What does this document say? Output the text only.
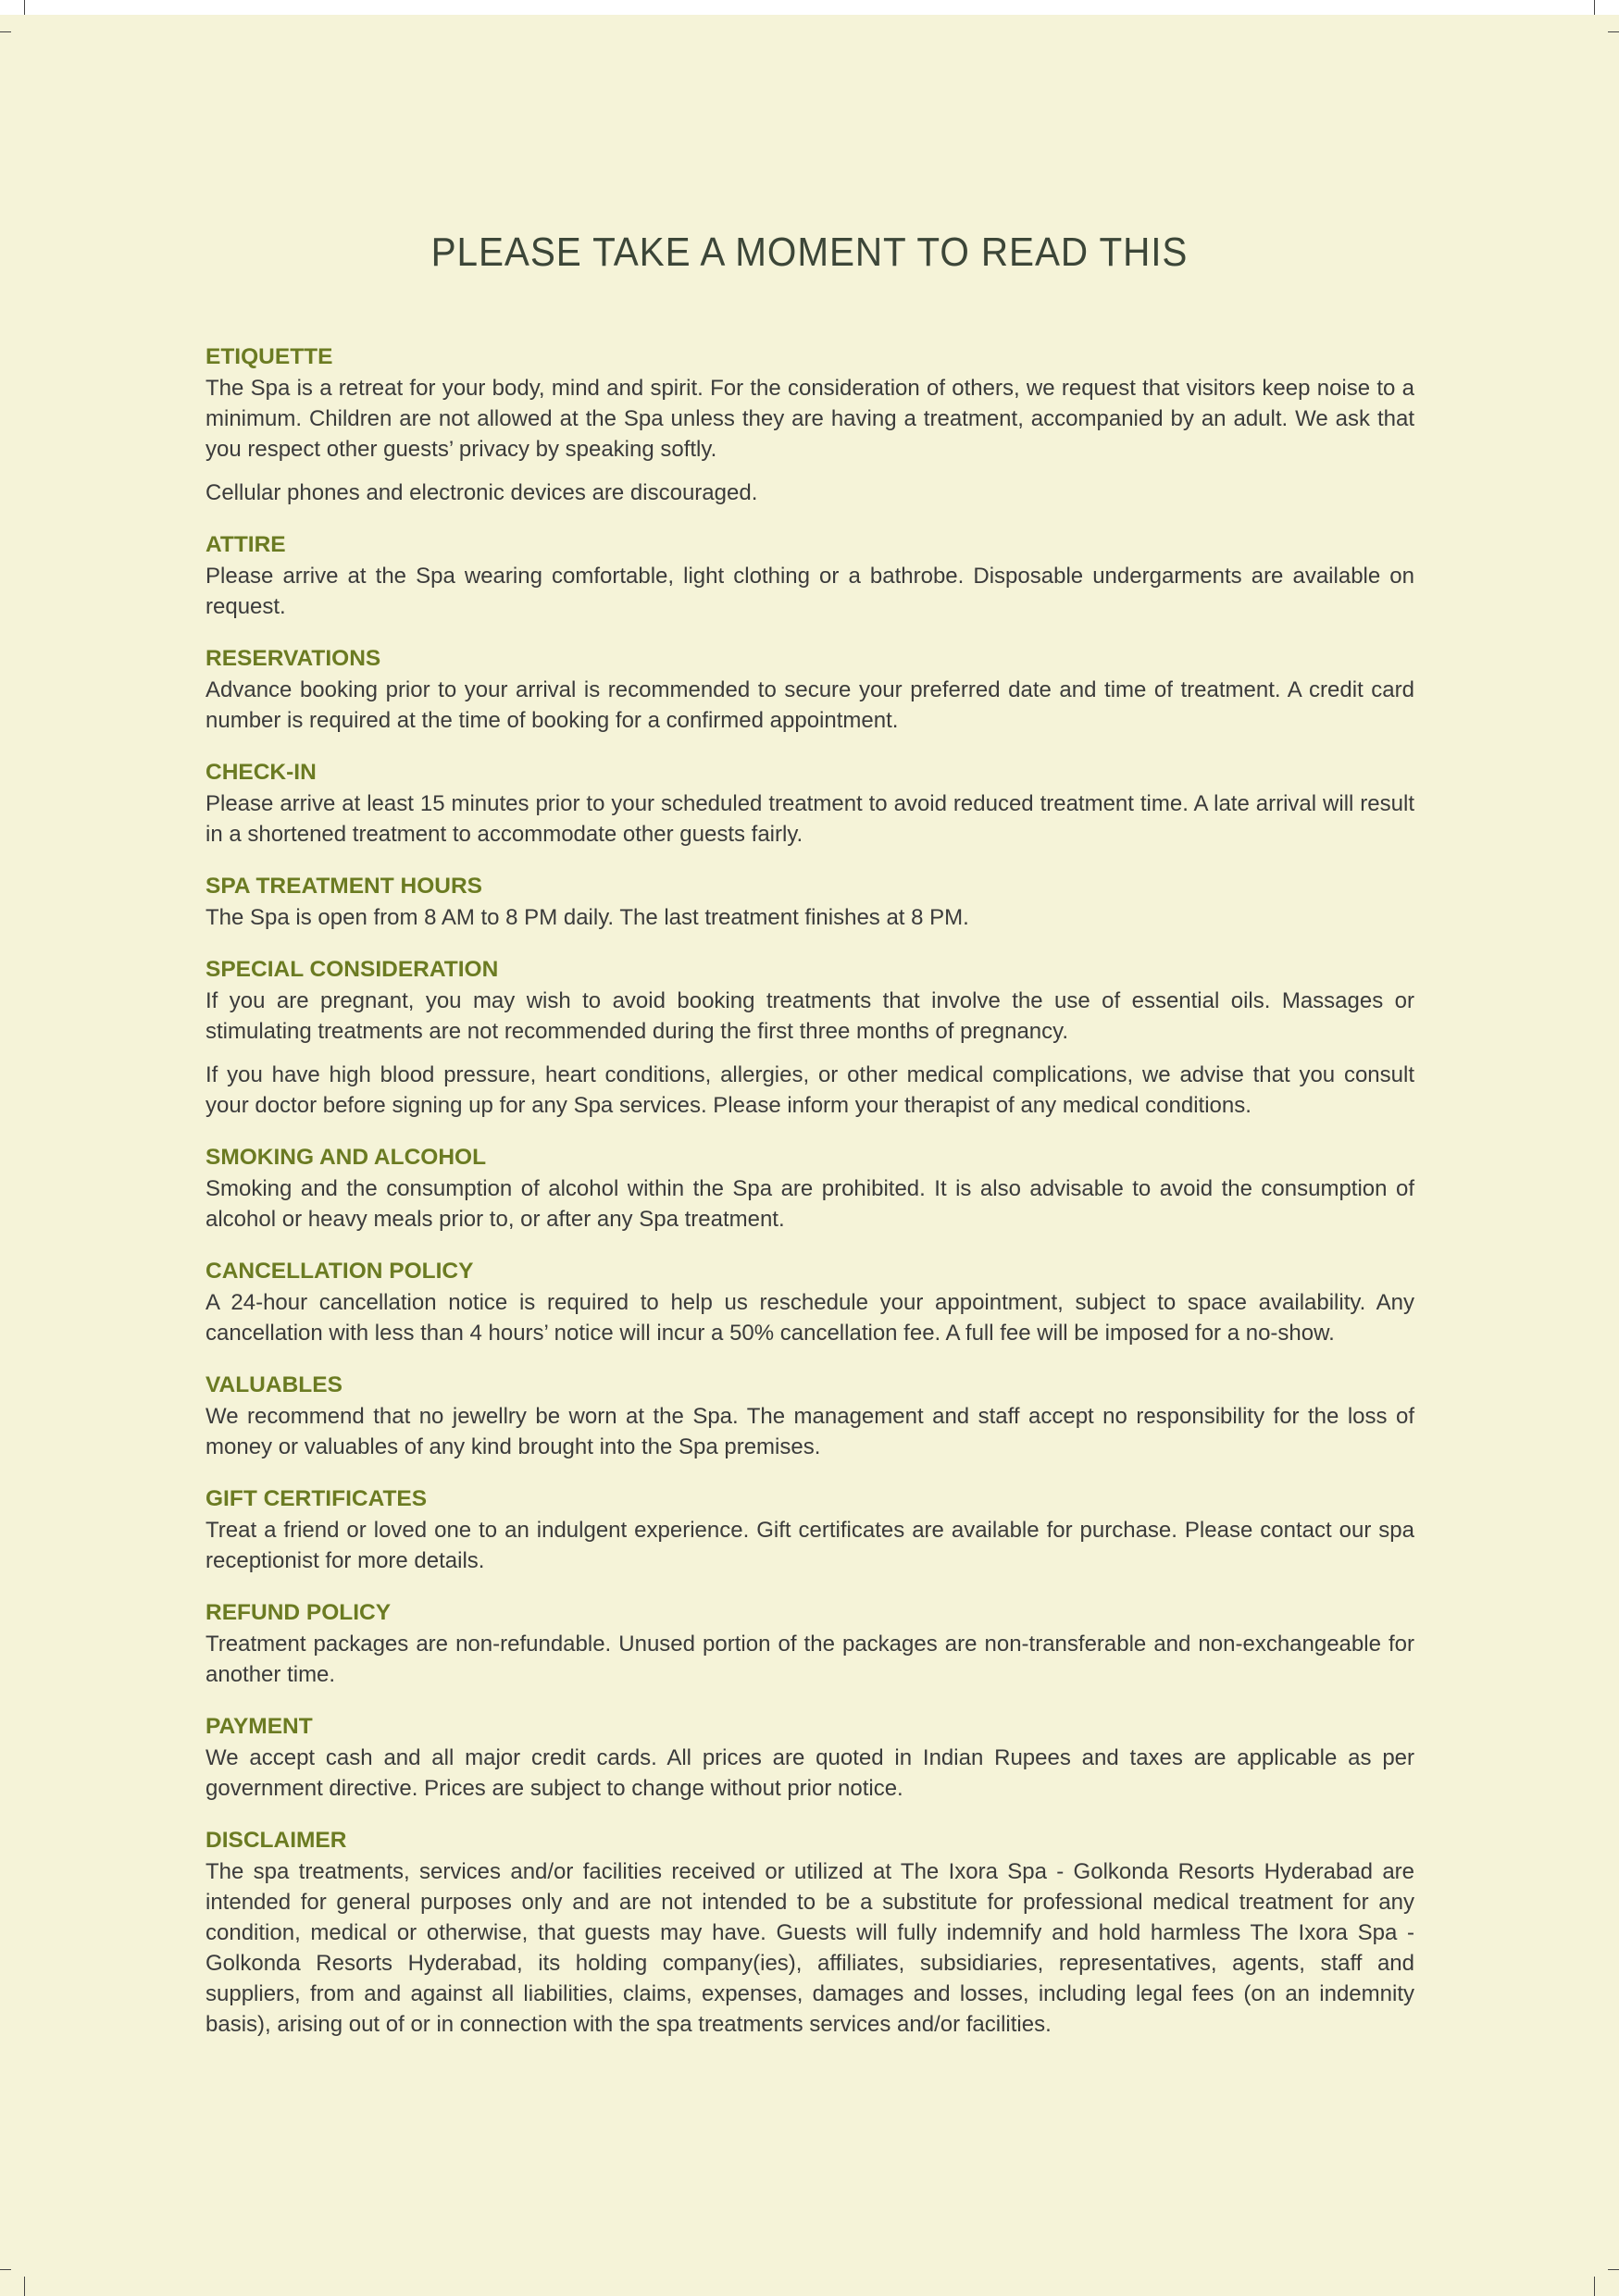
PLEASE TAKE A MOMENT TO READ THIS
ETIQUETTE

The Spa is a retreat for your body, mind and spirit. For the consideration of others, we request that visitors keep noise to a minimum. Children are not allowed at the Spa unless they are having a treatment, accompanied by an adult. We ask that you respect other guests’ privacy by speaking softly.

Cellular phones and electronic devices are discouraged.

ATTIRE

Please arrive at the Spa wearing comfortable, light clothing or a bathrobe. Disposable undergarments are available on request.

RESERVATIONS

Advance booking prior to your arrival is recommended to secure your preferred date and time of treatment. A credit card number is required at the time of booking for a confirmed appointment.

CHECK-IN

Please arrive at least 15 minutes prior to your scheduled treatment to avoid reduced treatment time. A late arrival will result in a shortened treatment to accommodate other guests fairly.

SPA TREATMENT HOURS

The Spa is open from 8 AM to 8 PM daily. The last treatment finishes at 8 PM.

SPECIAL CONSIDERATION

If you are pregnant, you may wish to avoid booking treatments that involve the use of essential oils. Massages or stimulating treatments are not recommended during the first three months of pregnancy.

If you have high blood pressure, heart conditions, allergies, or other medical complications, we advise that you consult your doctor before signing up for any Spa services. Please inform your therapist of any medical conditions.

SMOKING AND ALCOHOL

Smoking and the consumption of alcohol within the Spa are prohibited. It is also advisable to avoid the consumption of alcohol or heavy meals prior to, or after any Spa treatment.

CANCELLATION POLICY

A 24-hour cancellation notice is required to help us reschedule your appointment, subject to space availability. Any cancellation with less than 4 hours’ notice will incur a 50% cancellation fee. A full fee will be imposed for a no-show.

VALUABLES

We recommend that no jewellry be worn at the Spa. The management and staff accept no responsibility for the loss of money or valuables of any kind brought into the Spa premises.

GIFT CERTIFICATES

Treat a friend or loved one to an indulgent experience. Gift certificates are available for purchase. Please contact our spa receptionist for more details.

REFUND POLICY

Treatment packages are non-refundable. Unused portion of the packages are non-transferable and non-exchangeable for another time.

PAYMENT

We accept cash and all major credit cards. All prices are quoted in Indian Rupees and taxes are applicable as per government directive. Prices are subject to change without prior notice.

DISCLAIMER

The spa treatments, services and/or facilities received or utilized at The Ixora Spa - Golkonda Resorts Hyderabad are intended for general purposes only and are not intended to be a substitute for professional medical treatment for any condition, medical or otherwise, that guests may have. Guests will fully indemnify and hold harmless The Ixora Spa - Golkonda Resorts Hyderabad, its holding company(ies), affiliates, subsidiaries, representatives, agents, staff and suppliers, from and against all liabilities, claims, expenses, damages and losses, including legal fees (on an indemnity basis), arising out of or in connection with the spa treatments services and/or facilities.
